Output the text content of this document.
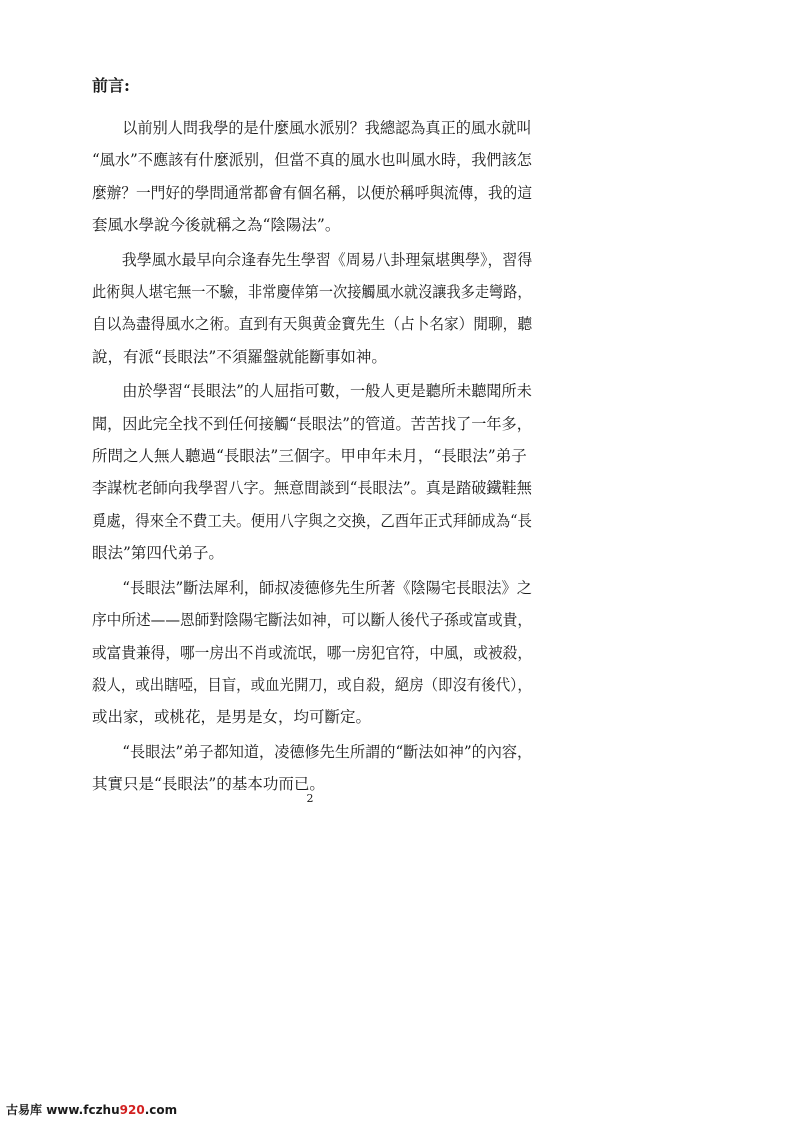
前言:
　　以前别人問我學的是什麼風水派别？我總認為真正的風水就叫
“風水”不應該有什麼派别，但當不真的風水也叫風水時，我們該怎
麼辦？一門好的學問通常都會有個名稱，以便於稱呼與流傳，我的這
套風水學說今後就稱之為“陰陽法”。
　　我學風水最早向佘逢春先生學習《周易八卦理氣堪輿學》，習得
此術與人堪宅無一不驗，非常慶倖第一次接觸風水就沒讓我多走彎路，
自以為盡得風水之術。直到有天與黄金寶先生（占卜名家）閒聊，聽
說，有派“長眼法”不須羅盤就能斷事如神。
　　由於學習“長眼法”的人屈指可數，一般人更是聽所未聽聞所未
聞，因此完全找不到任何接觸“長眼法”的管道。苦苦找了一年多，
所問之人無人聽過“長眼法”三個字。甲申年未月，“長眼法”弟子
李謀枕老師向我學習八字。無意間談到“長眼法”。真是踏破鐵鞋無
覓處，得來全不費工夫。便用八字與之交換，乙酉年正式拜師成為“長
眼法”第四代弟子。
　　“長眼法”斷法犀利，師叔凌德修先生所著《陰陽宅長眼法》之
序中所述——恩師對陰陽宅斷法如神，可以斷人後代子孫或富或貴，
或富貴兼得，哪一房出不肖或流氓，哪一房犯官符，中風，或被殺，
殺人，或出瞎啞，目盲，或血光開刀，或自殺，絕房（即沒有後代），
或出家，或桃花，是男是女，均可斷定。
　　“長眼法”弟子都知道，凌德修先生所謂的“斷法如神”的內容，
其實只是“長眼法”的基本功而已。
2
古易库 www.fczhu920.com
